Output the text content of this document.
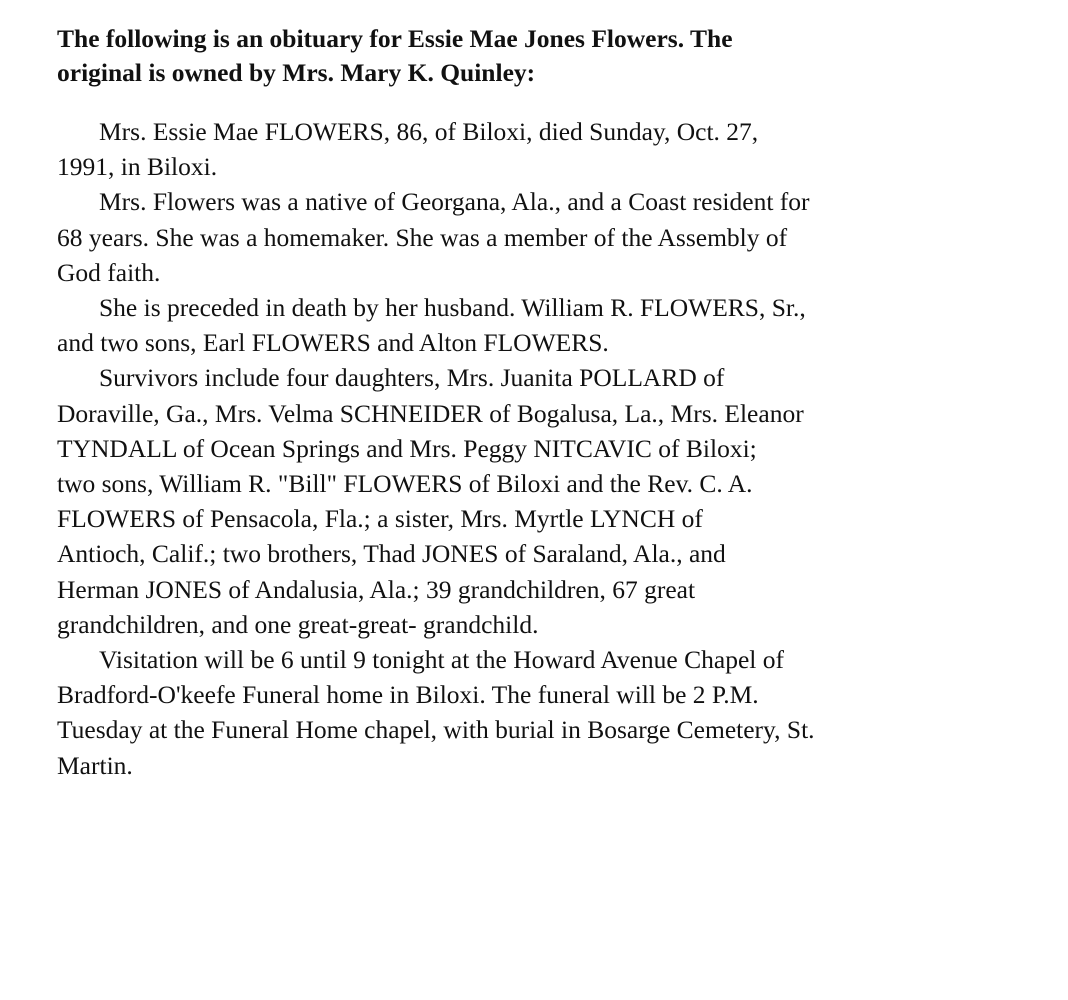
The following is an obituary for Essie Mae Jones Flowers. The
original is owned by Mrs. Mary K. Quinley:

Mrs. Essie Mae FLOWERS, 86, of Biloxi, died Sunday, Oct. 27,
1991, in Biloxi.

Mrs. Flowers was a native of Georgana, Ala., and a Coast resident for
68 years. She was a homemaker. She was a member of the Assembly of
God faith.

She is preceded in death by her husband. William R. FLOWERS, Sr.,
and two sons, Earl FLOWERS and Alton FLOWERS.

Survivors include four daughters, Mrs. Juanita POLLARD of
Doraville, Ga., Mrs. Velma SCHNEIDER of Bogalusa, La., Mrs. Eleanor
TYNDALL of Ocean Springs and Mrs. Peggy NITCAVIC of Biloxi;
two sons, William R. "Bill" FLOWERS of Biloxi and the Rev. C. A.
FLOWERS of Pensacola, Fla.; a sister, Mrs. Myrtle LYNCH of
Antioch, Calif.; two brothers, Thad JONES of Saraland, Ala., and
Herman JONES of Andalusia, Ala.; 39 grandchildren, 67 great
grandchildren, and one great-great- grandchild.

Visitation will be 6 until 9 tonight at the Howard Avenue Chapel of
Bradford-O'keefe Funeral home in Biloxi. The funeral will be 2 P.M.
Tuesday at the Funeral Home chapel, with burial in Bosarge Cemetery, St.
Martin.
